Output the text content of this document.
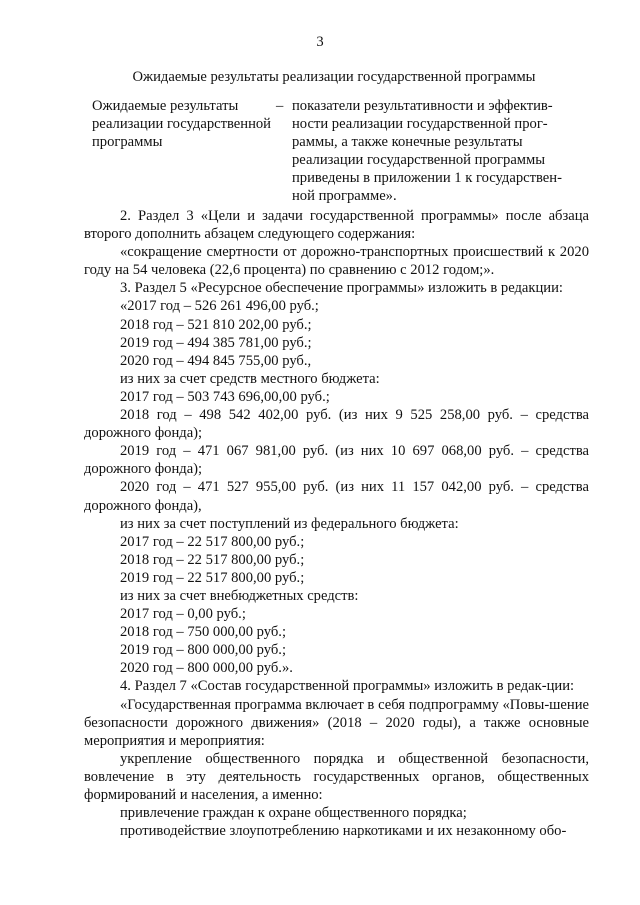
3
Ожидаемые результаты реализации государственной программы
Ожидаемые результаты
реализации государственной
программы
– показатели результативности и эффектив-
ности реализации государственной прог-
раммы, а также конечные результаты
реализации государственной программы
приведены в приложении 1 к государствен-
ной программе».

2. Раздел 3 «Цели и задачи государственной программы» после абзаца второго дополнить абзацем следующего содержания:

«сокращение смертности от дорожно-транспортных происшествий к 2020 году на 54 человека (22,6 процента) по сравнению с 2012 годом;».

3. Раздел 5 «Ресурсное обеспечение программы» изложить в редакции:

«2017 год – 526 261 496,00 руб.;

2018 год – 521 810 202,00 руб.;

2019 год – 494 385 781,00 руб.;

2020 год – 494 845 755,00 руб.,

из них за счет средств местного бюджета:

2017 год – 503 743 696,00,00 руб.;

2018 год – 498 542 402,00 руб. (из них 9 525 258,00 руб. – средства дорожного фонда);

2019 год – 471 067 981,00 руб. (из них 10 697 068,00 руб. – средства дорожного фонда);

2020 год – 471 527 955,00 руб. (из них 11 157 042,00 руб. – средства дорожного фонда),

из них за счет поступлений из федерального бюджета:

2017 год – 22 517 800,00 руб.;

2018 год – 22 517 800,00 руб.;

2019 год – 22 517 800,00 руб.;

из них за счет внебюджетных средств:

2017 год – 0,00 руб.;

2018 год – 750 000,00 руб.;

2019 год – 800 000,00 руб.;

2020 год – 800 000,00 руб.».

4. Раздел 7 «Состав государственной программы» изложить в редак-ции:

«Государственная программа включает в себя подпрограмму «Повы-шение безопасности дорожного движения» (2018 – 2020 годы), а также основные мероприятия и мероприятия:

укрепление общественного порядка и общественной безопасности, вовлечение в эту деятельность государственных органов, общественных формирований и населения, а именно:

привлечение граждан к охране общественного порядка;

противодействие злоупотреблению наркотиками и их незаконному обо-
